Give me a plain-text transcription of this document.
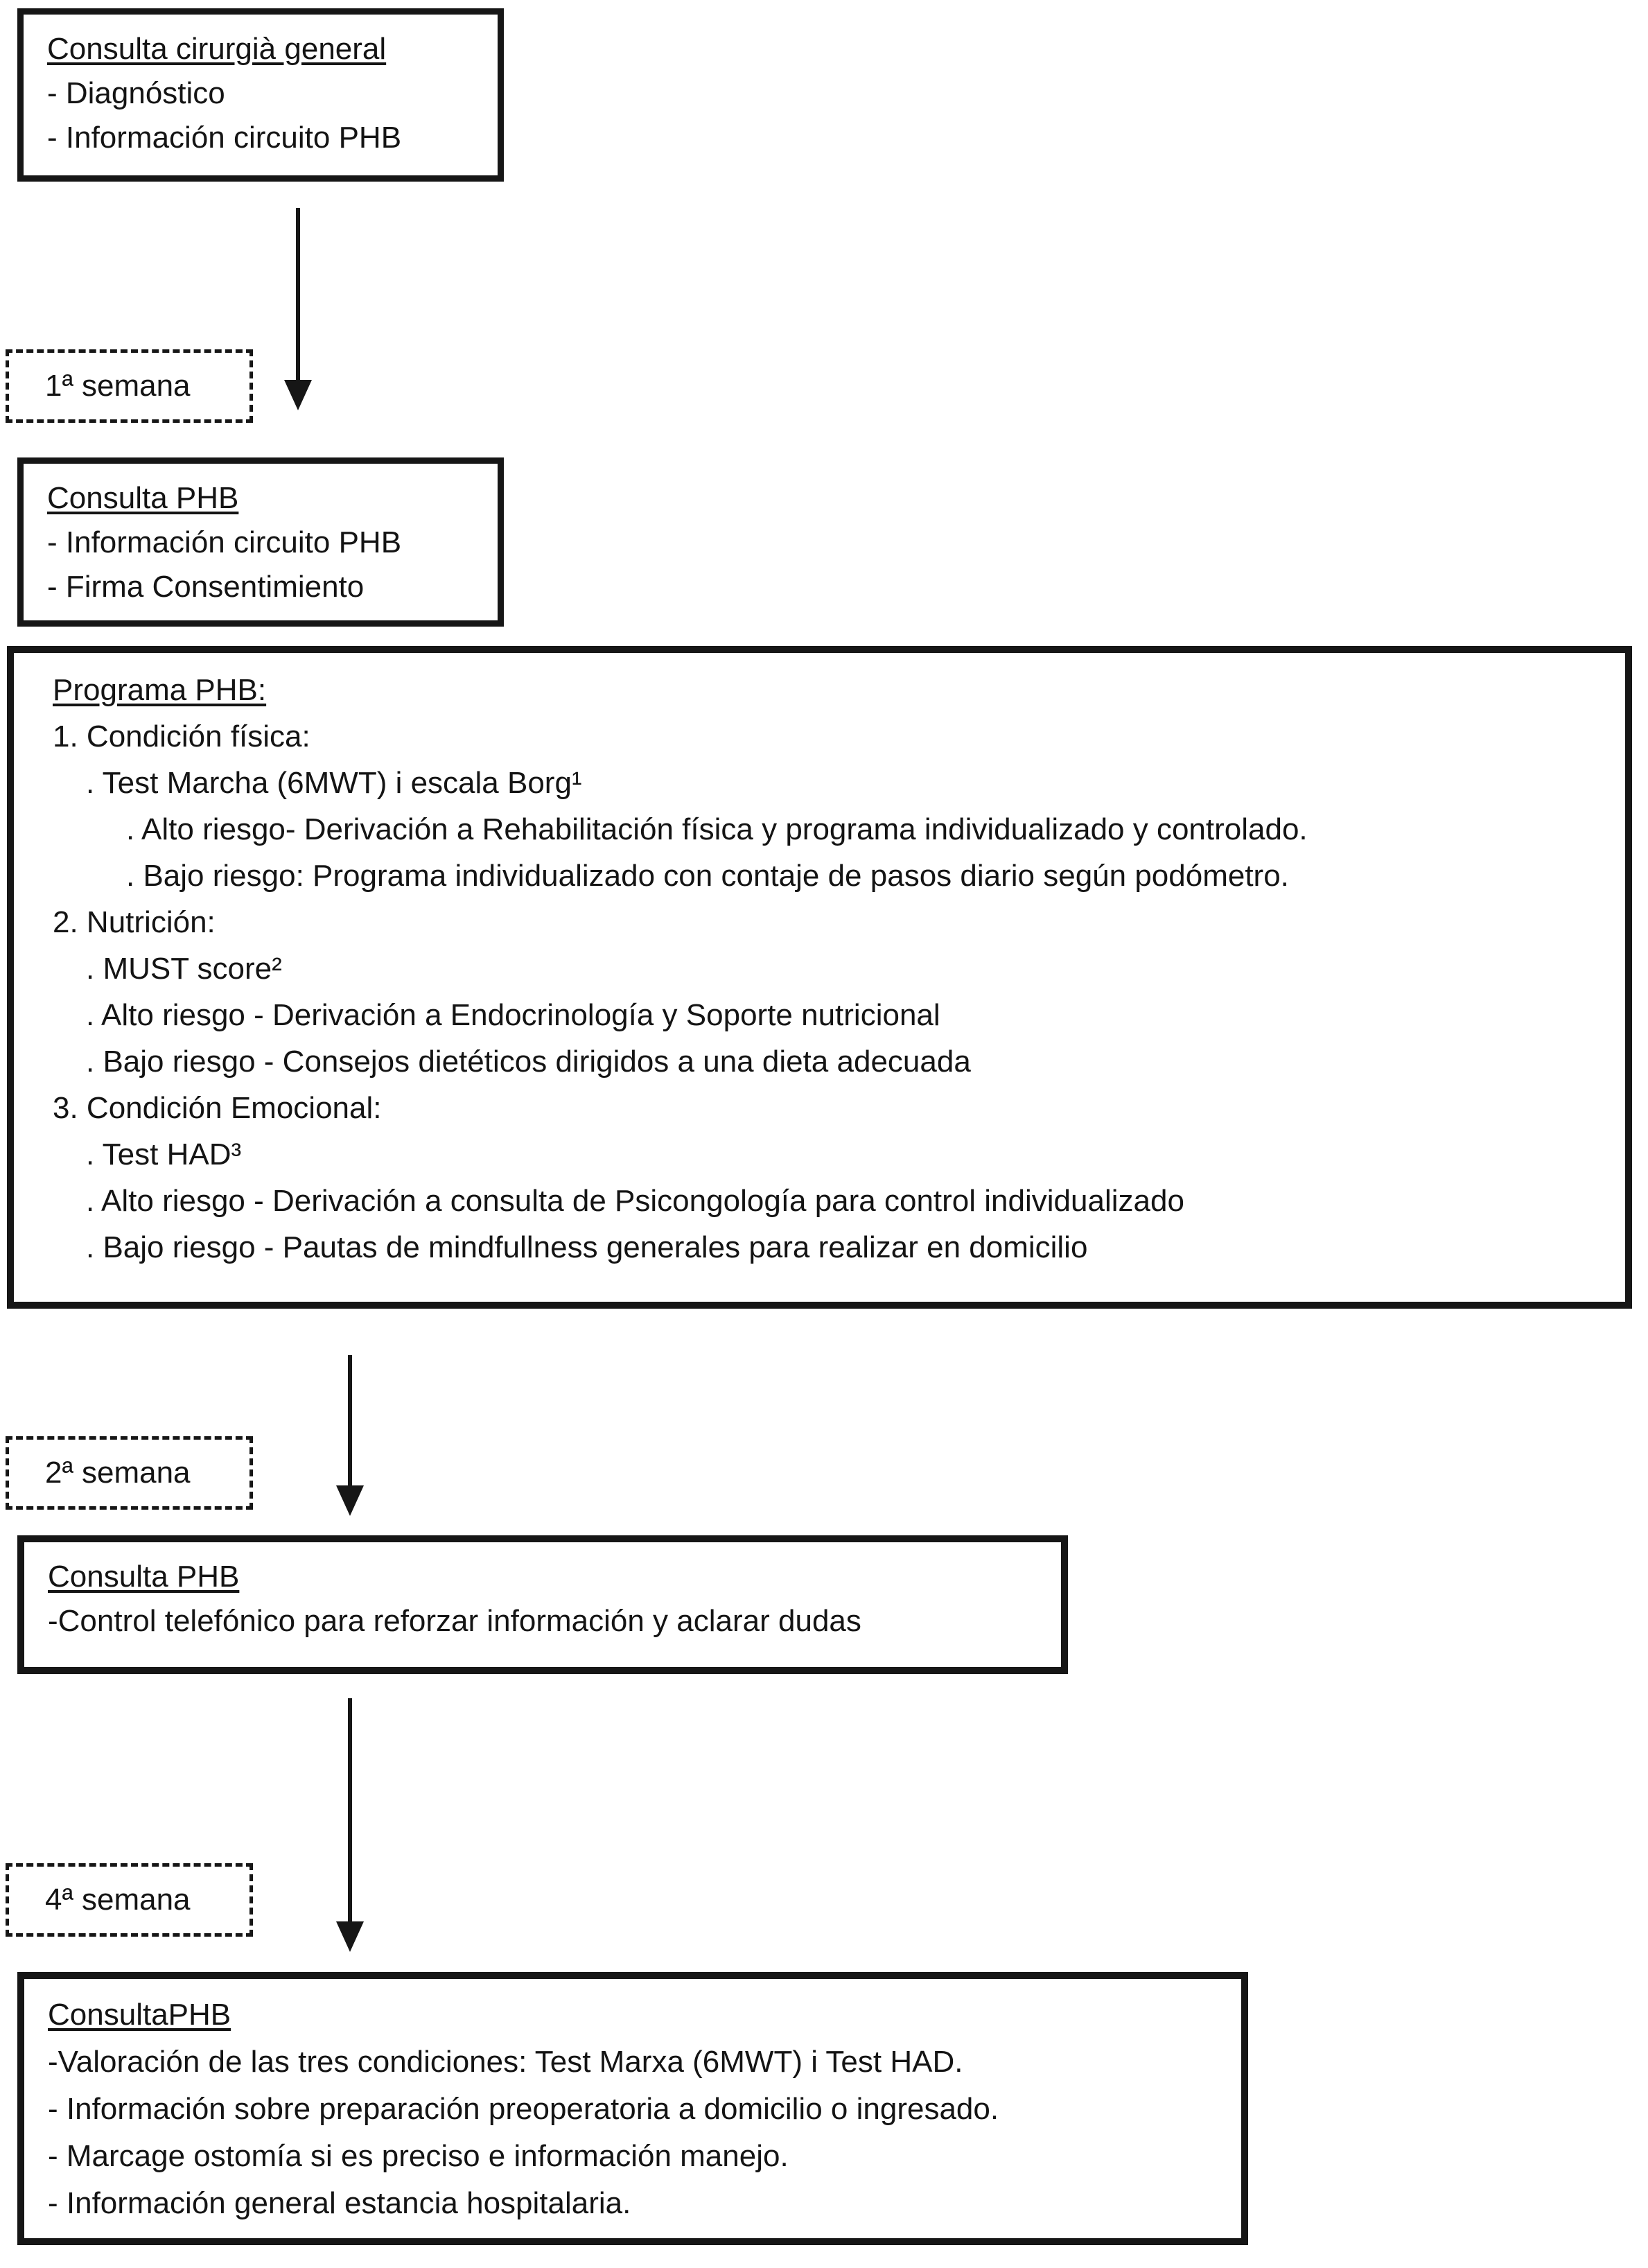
Consulta cirurgià general
- Diagnóstico
- Información circuito PHB
1ª semana
Consulta PHB
- Información circuito PHB
- Firma Consentimiento
Programa PHB:
1. Condición física:
. Test Marcha (6MWT) i escala Borg¹
. Alto riesgo- Derivación a Rehabilitación física y programa individualizado y controlado.
. Bajo riesgo: Programa individualizado con contaje de pasos diario según podómetro.
2. Nutrición:
. MUST score²
. Alto riesgo - Derivación a Endocrinología y Soporte nutricional
. Bajo riesgo - Consejos dietéticos dirigidos a una dieta adecuada
3. Condición Emocional:
. Test HAD³
. Alto riesgo - Derivación a consulta de Psicongología para control individualizado
. Bajo riesgo - Pautas de mindfullness generales para realizar en domicilio
2ª semana
Consulta PHB
-Control telefónico para reforzar información y aclarar dudas
4ª semana
ConsultaPHB
-Valoración de las tres condiciones: Test Marxa (6MWT) i Test HAD.
- Información sobre preparación preoperatoria a domicilio o ingresado.
- Marcage ostomía si es preciso e información manejo.
- Información general estancia hospitalaria.
